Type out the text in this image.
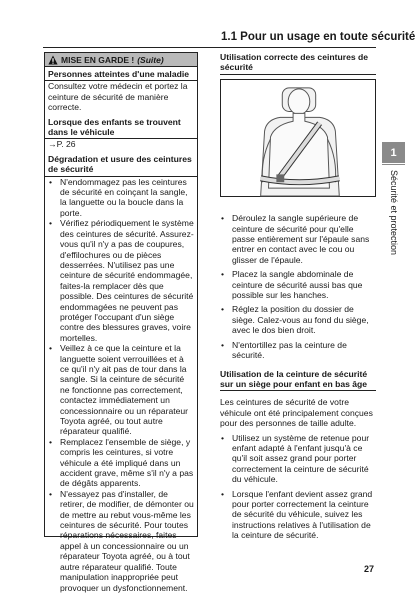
1.1 Pour un usage en toute sécurité
MISE EN GARDE ! (Suite)

Personnes atteintes d'une maladie

Consultez votre médecin et portez la ceinture de sécurité de manière correcte.

Lorsque des enfants se trouvent dans le véhicule

→P. 26

Dégradation et usure des ceintures de sécurité

• N'endommagez pas les ceintures de sécurité en coinçant la sangle, la languette ou la boucle dans la porte.
• Vérifiez périodiquement le système des ceintures de sécurité. Assurez-vous qu'il n'y a pas de coupures, d'effilochures ou de pièces desserrées. N'utilisez pas une ceinture de sécurité endommagée, faites-la remplacer dès que possible. Des ceintures de sécurité endommagées ne peuvent pas protéger l'occupant d'un siège contre des blessures graves, voire mortelles.
• Veillez à ce que la ceinture et la languette soient verrouillées et à ce qu'il n'y ait pas de tour dans la sangle. Si la ceinture de sécurité ne fonctionne pas correctement, contactez immédiatement un concessionnaire ou un réparateur Toyota agréé, ou tout autre réparateur qualifié.
• Remplacez l'ensemble de siège, y compris les ceintures, si votre véhicule a été impliqué dans un accident grave, même s'il n'y a pas de dégâts apparents.
• N'essayez pas d'installer, de retirer, de modifier, de démonter ou de mettre au rebut vous-même les ceintures de sécurité. Pour toutes réparations nécessaires, faites appel à un concessionnaire ou un réparateur Toyota agréé, ou à tout autre réparateur qualifié. Toute manipulation inappropriée peut provoquer un dysfonctionnement.
Utilisation correcte des ceintures de sécurité
• Déroulez la sangle supérieure de ceinture de sécurité pour qu'elle passe entièrement sur l'épaule sans entrer en contact avec le cou ou glisser de l'épaule.
• Placez la sangle abdominale de ceinture de sécurité aussi bas que possible sur les hanches.
• Réglez la position du dossier de siège. Calez-vous au fond du siège, avec le dos bien droit.
• N'entortillez pas la ceinture de sécurité.
Utilisation de la ceinture de sécurité sur un siège pour enfant en bas âge

Les ceintures de sécurité de votre véhicule ont été principalement conçues pour des personnes de taille adulte.

• Utilisez un système de retenue pour enfant adapté à l'enfant jusqu'à ce qu'il soit assez grand pour porter correctement la ceinture de sécurité du véhicule.
• Lorsque l'enfant devient assez grand pour porter correctement la ceinture de sécurité du véhicule, suivez les instructions relatives à l'utilisation de la ceinture de sécurité.
1
Sécurité et protection
27
